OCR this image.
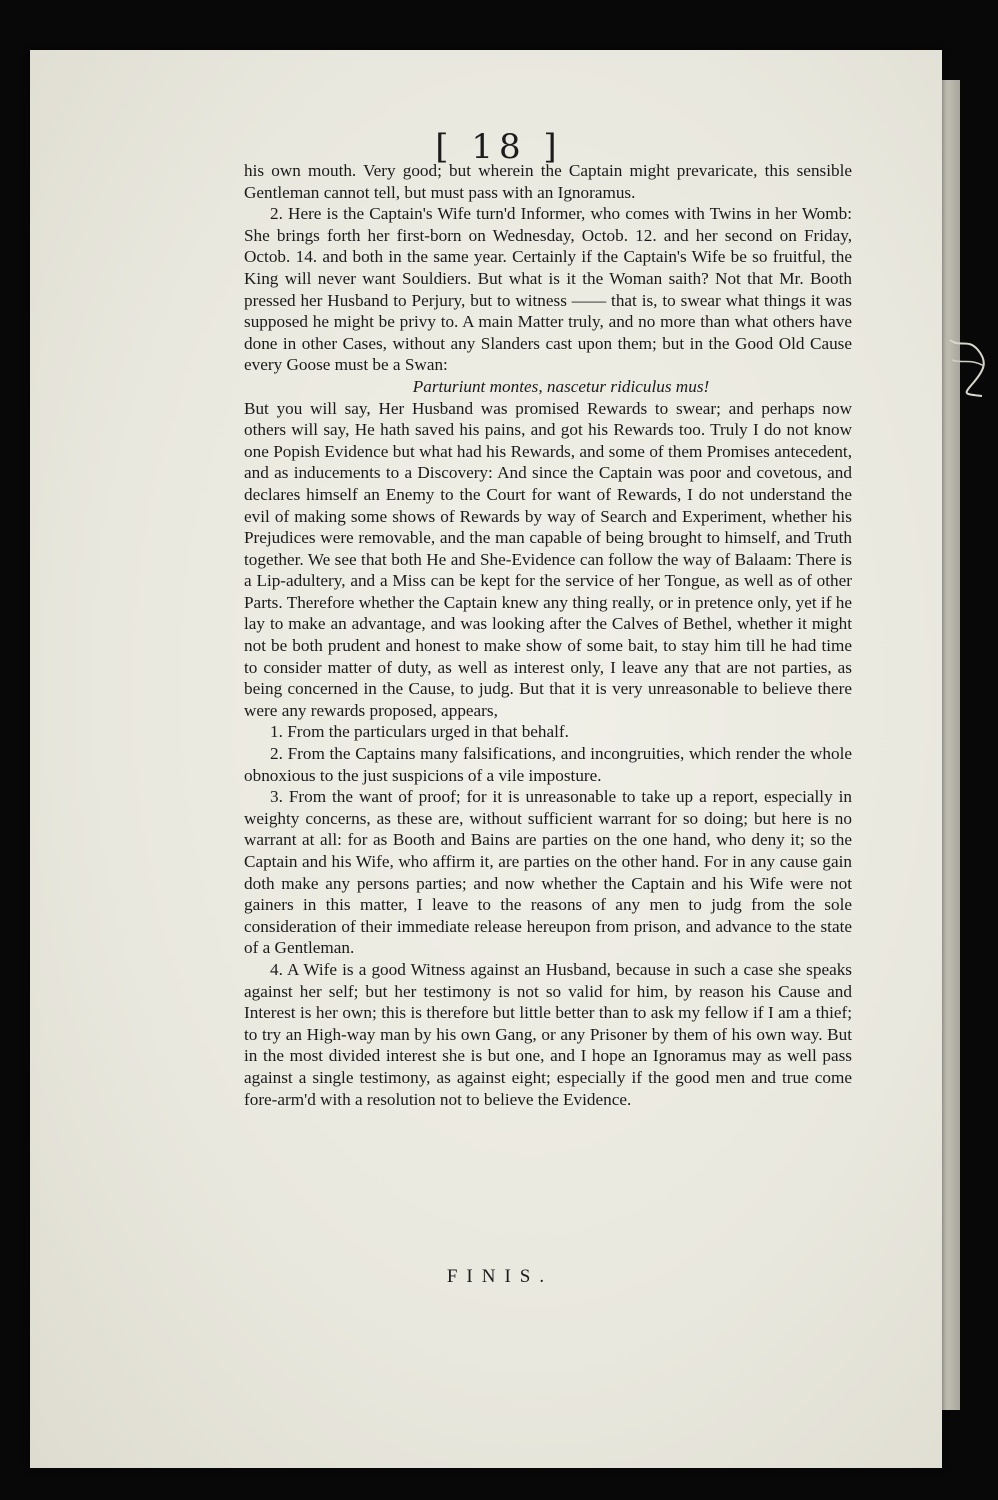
[ 18 ]

his own mouth. Very good; but wherein the Captain might prevaricate, this sensible Gentleman cannot tell, but must pass with an Ignoramus.

2. Here is the Captain's Wife turn'd Informer, who comes with Twins in her Womb: She brings forth her first-born on Wednesday, Octob. 12. and her second on Friday, Octob. 14. and both in the same year. Certainly if the Captain's Wife be so fruitful, the King will never want Souldiers. But what is it the Woman saith? Not that Mr. Booth pressed her Husband to Perjury, but to witness —— that is, to swear what things it was supposed he might be privy to. A main Matter truly, and no more than what others have done in other Cases, without any Slanders cast upon them; but in the Good Old Cause every Goose must be a Swan:

Parturiunt montes, nascetur ridiculus mus!

But you will say, Her Husband was promised Rewards to swear; and perhaps now others will say, He hath saved his pains, and got his Rewards too. Truly I do not know one Popish Evidence but what had his Rewards, and some of them Promises antecedent, and as inducements to a Discovery: And since the Captain was poor and covetous, and declares himself an Enemy to the Court for want of Rewards, I do not understand the evil of making some shows of Rewards by way of Search and Experiment, whether his Prejudices were removable, and the man capable of being brought to himself, and Truth together. We see that both He and She-Evidence can follow the way of Balaam: There is a Lip-adultery, and a Miss can be kept for the service of her Tongue, as well as of other Parts. Therefore whether the Captain knew any thing really, or in pretence only, yet if he lay to make an advantage, and was looking after the Calves of Bethel, whether it might not be both prudent and honest to make show of some bait, to stay him till he had time to consider matter of duty, as well as interest only, I leave any that are not parties, as being concerned in the Cause, to judg. But that it is very unreasonable to believe there were any rewards proposed, appears,

1. From the particulars urged in that behalf.

2. From the Captains many falsifications, and incongruities, which render the whole obnoxious to the just suspicions of a vile imposture.

3. From the want of proof; for it is unreasonable to take up a report, especially in weighty concerns, as these are, without sufficient warrant for so doing; but here is no warrant at all: for as Booth and Bains are parties on the one hand, who deny it; so the Captain and his Wife, who affirm it, are parties on the other hand. For in any cause gain doth make any persons parties; and now whether the Captain and his Wife were not gainers in this matter, I leave to the reasons of any men to judg from the sole consideration of their immediate release hereupon from prison, and advance to the state of a Gentleman.

4. A Wife is a good Witness against an Husband, because in such a case she speaks against her self; but her testimony is not so valid for him, by reason his Cause and Interest is her own; this is therefore but little better than to ask my fellow if I am a thief; to try an High-way man by his own Gang, or any Prisoner by them of his own way. But in the most divided interest she is but one, and I hope an Ignoramus may as well pass against a single testimony, as against eight; especially if the good men and true come fore-arm'd with a resolution not to believe the Evidence.

FINIS.
